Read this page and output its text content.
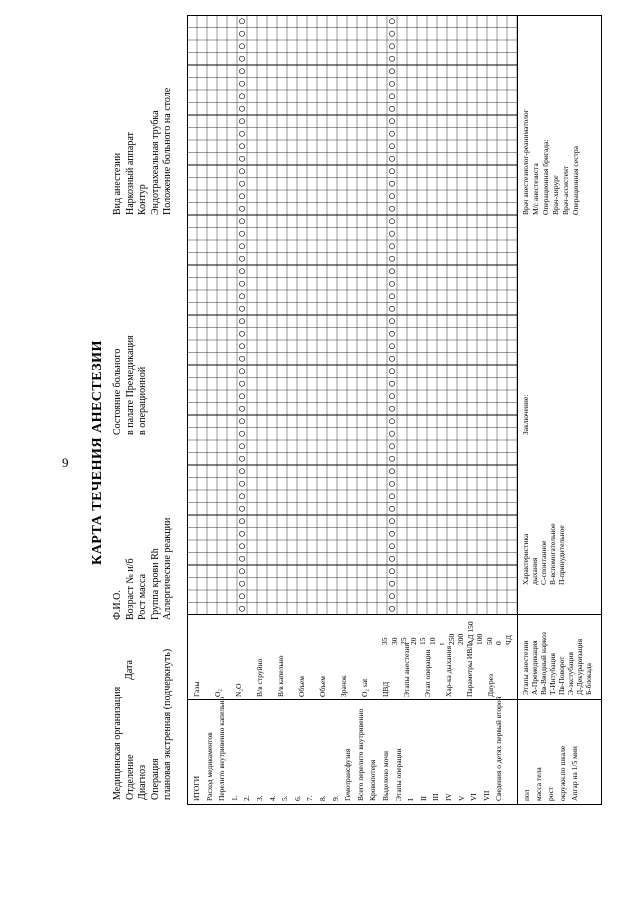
9 КАРТА ТЕЧЕНИЯ АНЕСТЕЗИИ
Медицинская организация Отделение Диагноз Операция плановая экстренная (подчеркнуть)
Дата
Ф.И.О. Возраст № и/б Рост масса Группа крови Rh Аллергические реакции
Состояние больного в палате Премедикация в операционной
Вид анестезии Наркозный аппарат Контур Эндотрахеальная трубка Положение больного на столе
ИТОГИ Расход медикаментов Перелито внутривенно капельно 1. 2. 3. 4. 5. 6. 7. 8. 9. Гемотрансфузия Всего перелито внутривенно Кровопотеря Выделено мочи Этапы операции I II III IV V VI VII Сведения о детях первый второй
Газы O₂ N₂O В/в струйно В/в капельно Объем Объем Зрачок O₂ sat ЦВД Этапы анестезии Этап операции Хар-ка дыхания Параметры ИВЛ Диурез
35 30 25 20 15 10 t 250 200 АД 150 100 50 0 ЧД
пол масса тела рост окружн.по шкале Апгар на 1/5 мин
Этапы анестезии А-Премедикация Вв-Вводный наркоз Т-Интубация Пв-Поворот Э-экстубация Д-Декураризация Б-блокада
Характеристика дыхания С-спонтанное В-вспомогательное П-принудительное
Заключение:
Врач анестезиолог-реаниматолог М/с анестезиста Операционная бригада: Врач-хирург Врач-ассистент Операционная сестра
